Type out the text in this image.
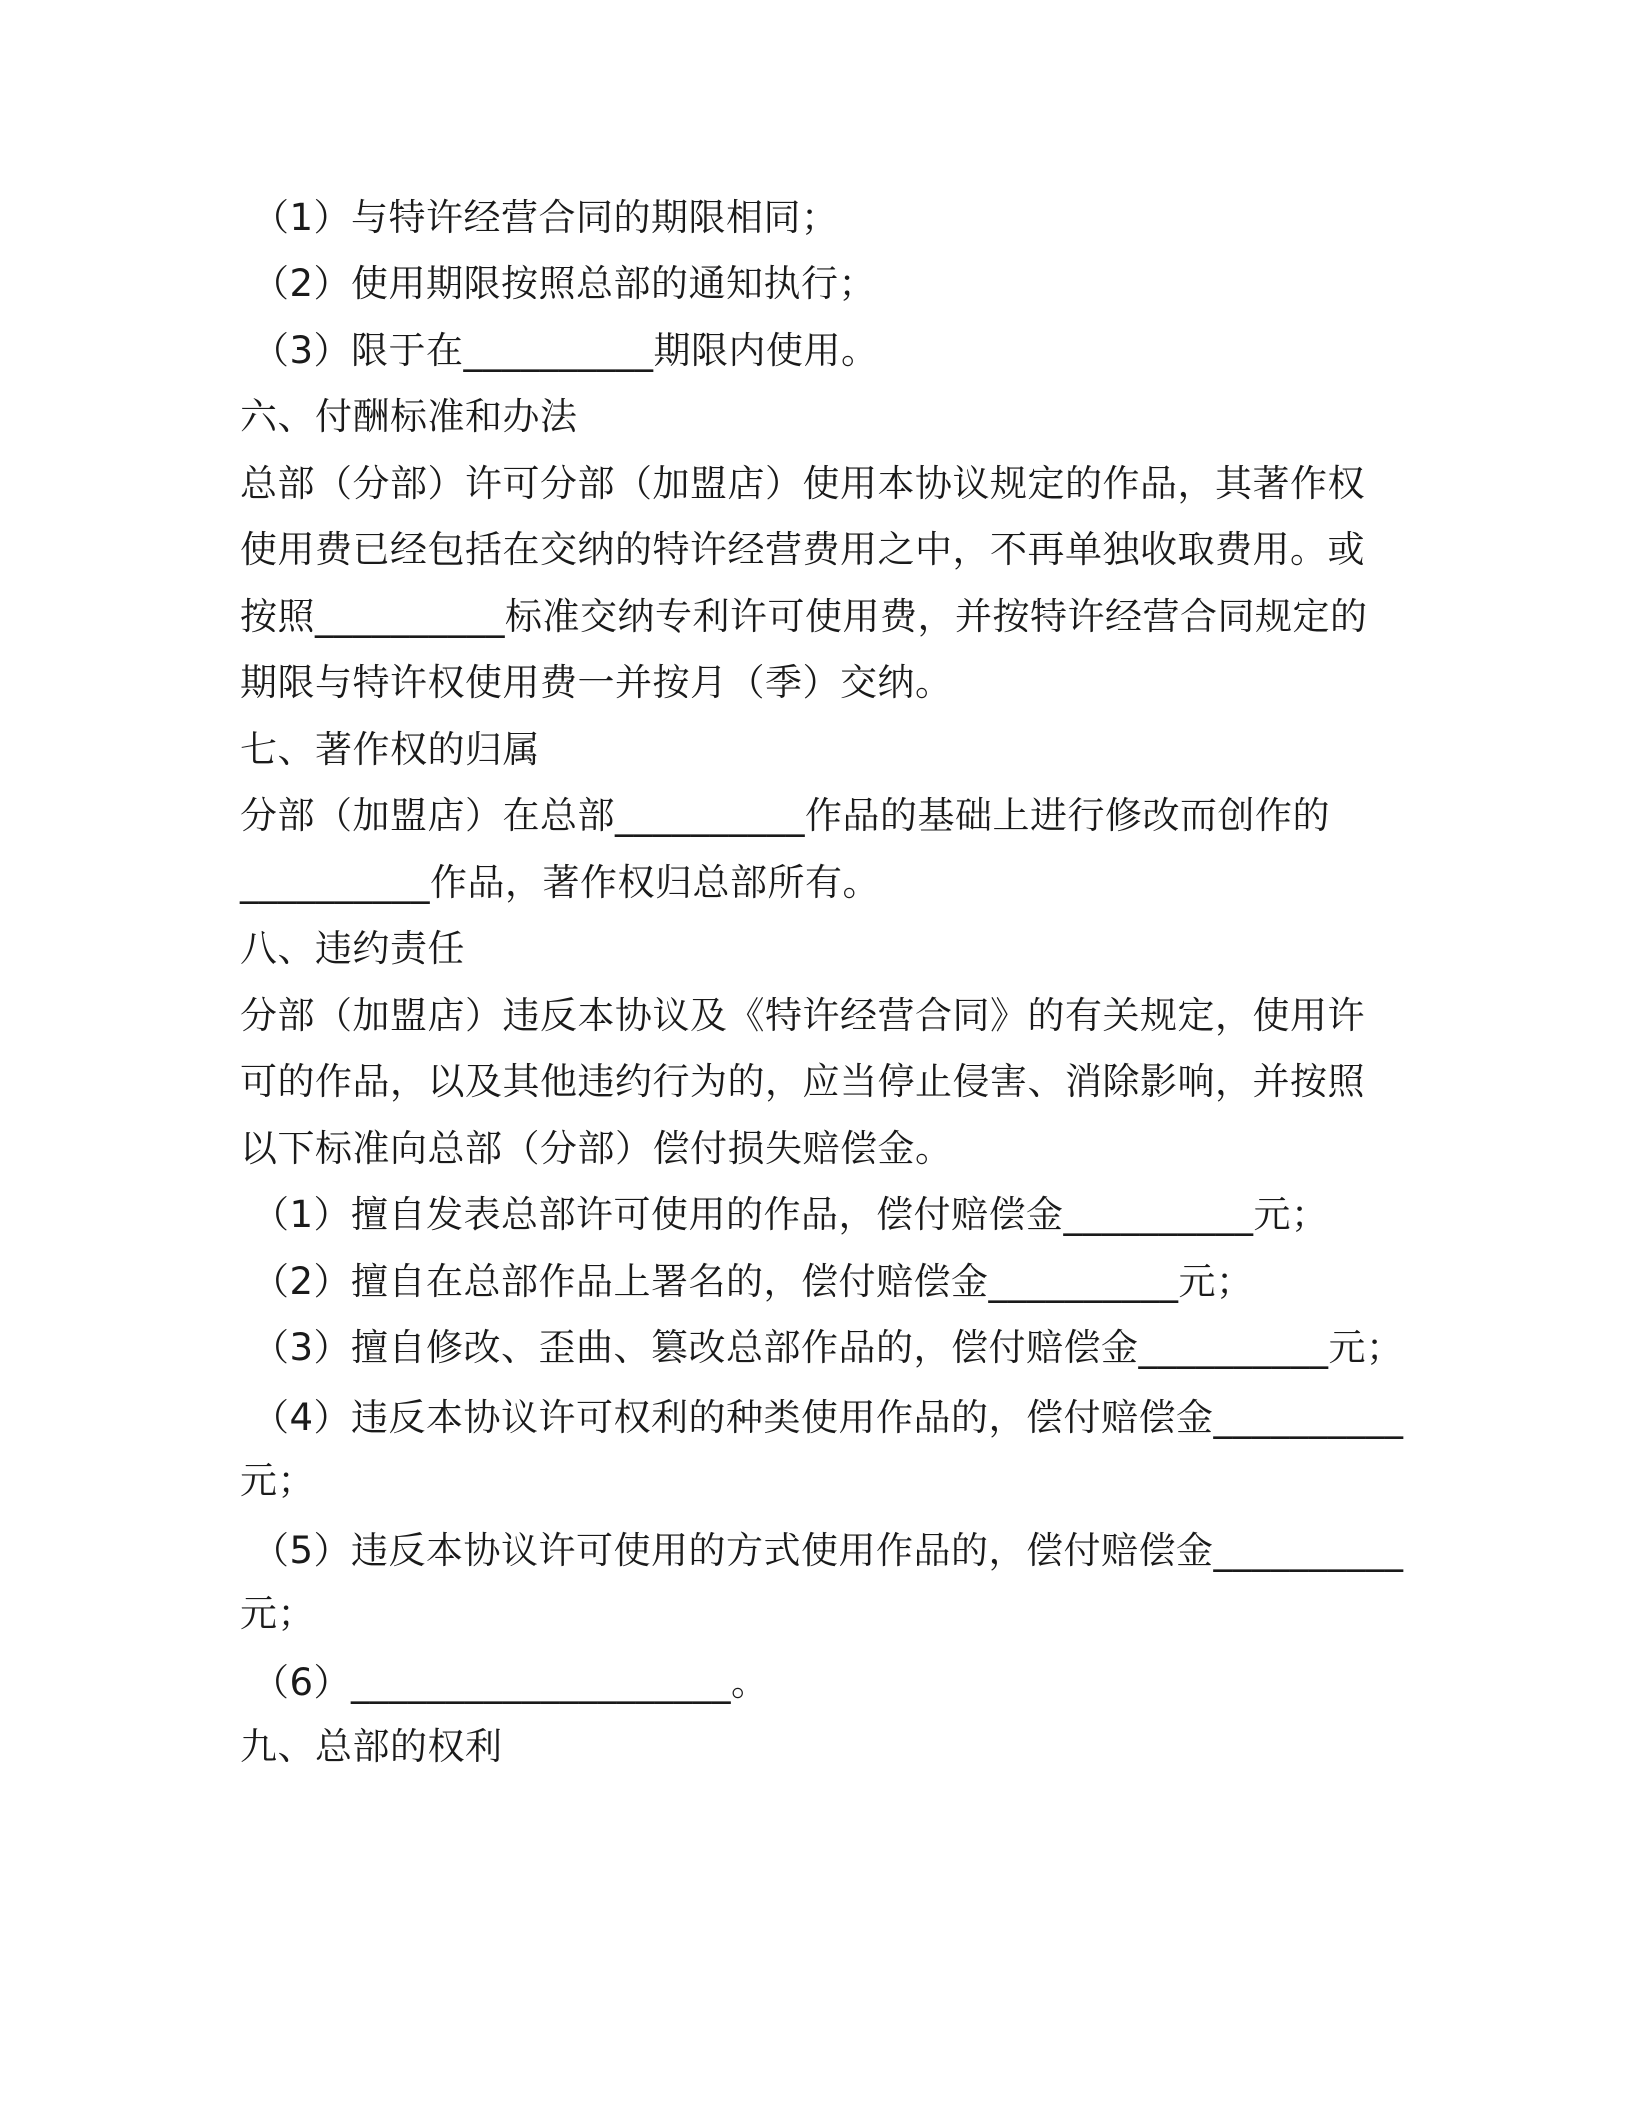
（1）与特许经营合同的期限相同；
（2）使用期限按照总部的通知执行；
（3）限于在__________期限内使用。
六、付酬标准和办法
总部（分部）许可分部（加盟店）使用本协议规定的作品，其著作权
使用费已经包括在交纳的特许经营费用之中，不再单独收取费用。或
按照__________标准交纳专利许可使用费，并按特许经营合同规定的
期限与特许权使用费一并按月（季）交纳。
七、著作权的归属
分部（加盟店）在总部__________作品的基础上进行修改而创作的
__________作品，著作权归总部所有。
八、违约责任
分部（加盟店）违反本协议及《特许经营合同》的有关规定，使用许
可的作品，以及其他违约行为的，应当停止侵害、消除影响，并按照
以下标准向总部（分部）偿付损失赔偿金。
（1）擅自发表总部许可使用的作品，偿付赔偿金__________元；
（2）擅自在总部作品上署名的，偿付赔偿金__________元；
（3）擅自修改、歪曲、篡改总部作品的，偿付赔偿金__________元；
（4）违反本协议许可权利的种类使用作品的，偿付赔偿金__________
元；
（5）违反本协议许可使用的方式使用作品的，偿付赔偿金__________
元；
（6）____________________。
九、总部的权利
